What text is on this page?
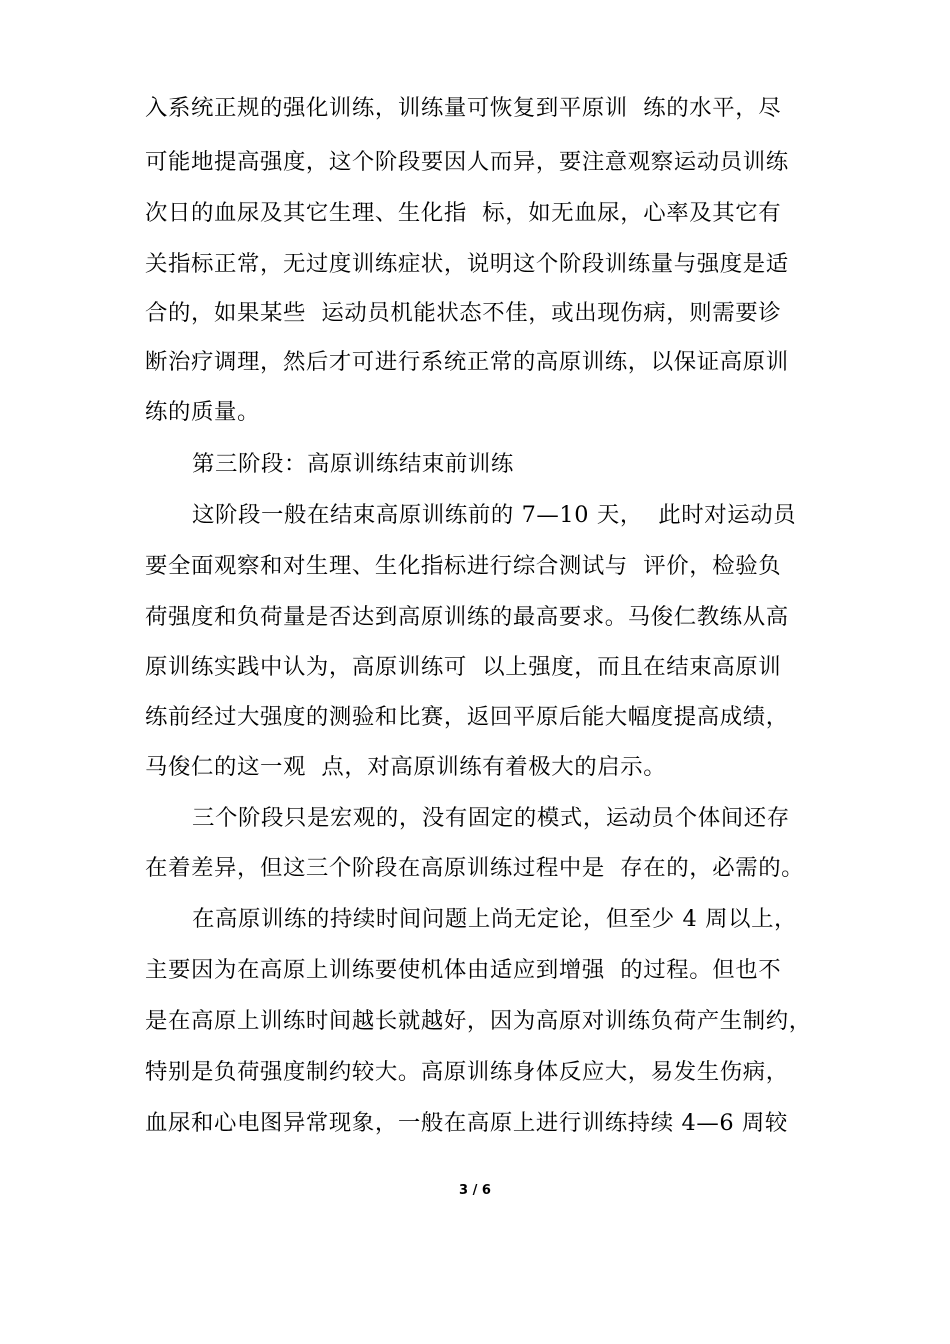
入系统正规的强化训练，训练量可恢复到平原训  练的水平，尽
可能地提高强度，这个阶段要因人而异，要注意观察运动员训练
次日的血尿及其它生理、生化指  标，如无血尿，心率及其它有
关指标正常，无过度训练症状，说明这个阶段训练量与强度是适
合的，如果某些  运动员机能状态不佳，或出现伤病，则需要诊
断治疗调理，然后才可进行系统正常的高原训练，以保证高原训
练的质量。
第三阶段：高原训练结束前训练
这阶段一般在结束高原训练前的 7—10 天，  此时对运动员
要全面观察和对生理、生化指标进行综合测试与  评价，检验负
荷强度和负荷量是否达到高原训练的最高要求。马俊仁教练从高
原训练实践中认为，高原训练可  以上强度，而且在结束高原训
练前经过大强度的测验和比赛，返回平原后能大幅度提高成绩，
马俊仁的这一观  点，对高原训练有着极大的启示。
三个阶段只是宏观的，没有固定的模式，运动员个体间还存
在着差异，但这三个阶段在高原训练过程中是  存在的，必需的。
在高原训练的持续时间问题上尚无定论，但至少 4 周以上，
主要因为在高原上训练要使机体由适应到增强  的过程。但也不
是在高原上训练时间越长就越好，因为高原对训练负荷产生制约，
特别是负荷强度制约较大。高原训练身体反应大，易发生伤病，
血尿和心电图异常现象，一般在高原上进行训练持续 4—6 周较
3 / 6
